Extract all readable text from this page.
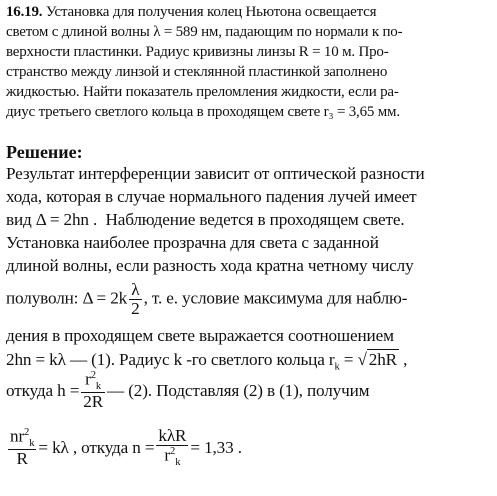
16.19. Установка для получения колец Ньютона освещается
светом с длиной волны λ = 589 нм, падающим по нормали к по-
верхности пластинки. Радиус кривизны линзы R = 10 м. Про-
странство между линзой и стеклянной пластинкой заполнено
жидкостью. Найти показатель преломления жидкости, если ра-
диус третьего светлого кольца в проходящем свете r₃ = 3,65 мм.
Решение:
Результат интерференции зависит от оптической разности
хода, которая в случае нормального падения лучей имеет
вид Δ = 2hn . Наблюдение ведется в проходящем свете.
Установка наиболее прозрачна для света с заданной
длиной волны, если разность хода кратна четному числу
полуволн: $\Delta = 2k \frac{\lambda}{2}$ , т. е. условие максимума для наблю-
дения в проходящем свете выражается соотношением
2hn = kλ — (1). Радиус k -го светлого кольца $r_k$ = √ 2hR ,
откуда $h = \frac{r^2_k}{2R}$ — (2). Подставляя (2) в (1), получим
$\frac{nr^2_k}{R} = k\lambda$ , откуда $n = \frac{\text{kλR}}{r^2_k} = 1,33$ .
